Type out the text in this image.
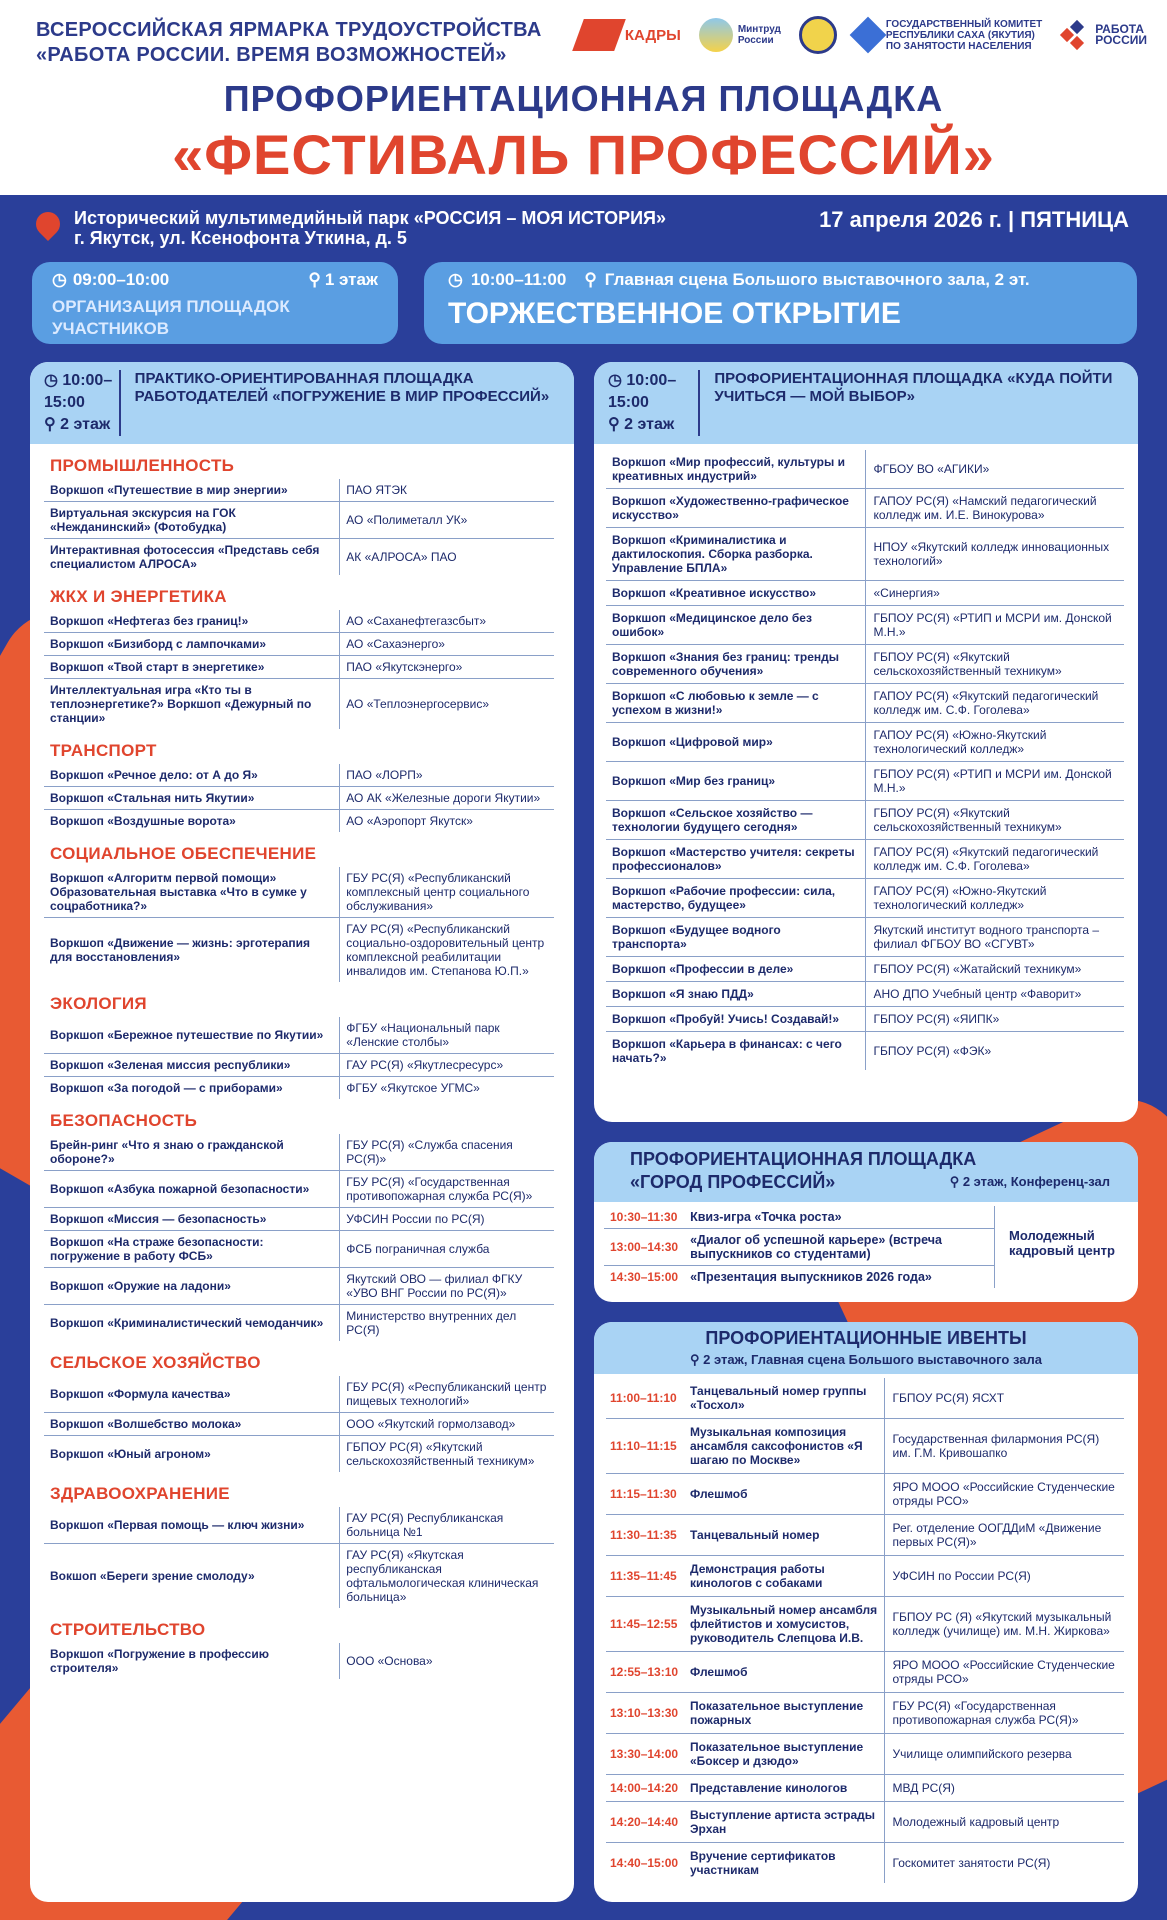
ВСЕРОССИЙСКАЯ ЯРМАРКА ТРУДОУСТРОЙСТВА
«РАБОТА РОССИИ. ВРЕМЯ ВОЗМОЖНОСТЕЙ»
КАДРЫ	Минтруд
России
ГОСУДАРСТВЕННЫЙ КОМИТЕТ
РЕСПУБЛИКИ САХА (ЯКУТИЯ)
ПО ЗАНЯТОСТИ НАСЕЛЕНИЯ
РАБОТА
РОССИИ
ПРОФОРИЕНТАЦИОННАЯ ПЛОЩАДКА
«ФЕСТИВАЛЬ ПРОФЕССИЙ»
Исторический мультимедийный парк «РОССИЯ – МОЯ ИСТОРИЯ»
г. Якутск, ул. Ксенофонта Уткина, д. 5
17 апреля 2026 г. | ПЯТНИЦА
◷ 09:00–10:00	⚲ 1 этаж
ОРГАНИЗАЦИЯ ПЛОЩАДОК УЧАСТНИКОВ
◷ 10:00–11:00 ⚲ Главная сцена Большого выставочного зала, 2 эт.
ТОРЖЕСТВЕННОЕ ОТКРЫТИЕ
◷ 10:00–15:00
⚲ 2 этаж
ПРАКТИКО-ОРИЕНТИРОВАННАЯ ПЛОЩАДКА РАБОТОДАТЕЛЕЙ «ПОГРУЖЕНИЕ В МИР ПРОФЕССИЙ»
ПРОМЫШЛЕННОСТЬ
Воркшоп «Путешествие в мир энергии»	ПАО ЯТЭК
Виртуальная экскурсия на ГОК «Нежданинский» (Фотобудка)	АО «Полиметалл УК»
Интерактивная фотосессия «Представь себя специалистом АЛРОСА»	АК «АЛРОСА» ПАО
ЖКХ И ЭНЕРГЕТИКА
Воркшоп «Нефтегаз без границ!»	АО «Саханефтегазсбыт»
Воркшоп «Бизиборд с лампочками»	АО «Сахаэнерго»
Воркшоп «Твой старт в энергетике»	ПАО «Якутскэнерго»
Интеллектуальная игра «Кто ты в теплоэнергетике?» Воркшоп «Дежурный по станции»	АО «Теплоэнергосервис»
ТРАНСПОРТ
Воркшоп «Речное дело: от А до Я»	ПАО «ЛОРП»
Воркшоп «Стальная нить Якутии»	АО АК «Железные дороги Якутии»
Воркшоп «Воздушные ворота»	АО «Аэропорт Якутск»
СОЦИАЛЬНОЕ ОБЕСПЕЧЕНИЕ
Воркшоп «Алгоритм первой помощи» Образовательная выставка «Что в сумке у соцработника?»	ГБУ РС(Я) «Республиканский комплексный центр социального обслуживания»
Воркшоп «Движение — жизнь: эрготерапия для восстановления»	ГАУ РС(Я) «Республиканский социально-оздоровительный центр комплексной реабилитации инвалидов им. Степанова Ю.П.»
ЭКОЛОГИЯ
Воркшоп «Бережное путешествие по Якутии»	ФГБУ «Национальный парк «Ленские столбы»
Воркшоп «Зеленая миссия республики»	ГАУ РС(Я) «Якутлесресурс»
Воркшоп «За погодой — с приборами»	ФГБУ «Якутское УГМС»
БЕЗОПАСНОСТЬ
Брейн-ринг «Что я знаю о гражданской обороне?»	ГБУ РС(Я) «Служба спасения РС(Я)»
Воркшоп «Азбука пожарной безопасности»	ГБУ РС(Я) «Государственная противопожарная служба РС(Я)»
Воркшоп «Миссия — безопасность»	УФСИН России по РС(Я)
Воркшоп «На страже безопасности: погружение в работу ФСБ»	ФСБ пограничная служба
Воркшоп «Оружие на ладони»	Якутский ОВО — филиал ФГКУ «УВО ВНГ России по РС(Я)»
Воркшоп «Криминалистический чемоданчик»	Министерство внутренних дел РС(Я)
СЕЛЬСКОЕ ХОЗЯЙСТВО
Воркшоп «Формула качества»	ГБУ РС(Я) «Республиканский центр пищевых технологий»
Воркшоп «Волшебство молока»	ООО «Якутский гормолзавод»
Воркшоп «Юный агроном»	ГБПОУ РС(Я) «Якутский сельскохозяйственный техникум»
ЗДРАВООХРАНЕНИЕ
Воркшоп «Первая помощь — ключ жизни»	ГАУ РС(Я) Республиканская больница №1
Вокшоп «Береги зрение смолоду»	ГАУ РС(Я) «Якутская республиканская офтальмологическая клиническая больница»
СТРОИТЕЛЬСТВО
Воркшоп «Погружение в профессию строителя»	ООО «Основа»
◷ 10:00–15:00
⚲ 2 этаж
ПРОФОРИЕНТАЦИОННАЯ ПЛОЩАДКА «КУДА ПОЙТИ УЧИТЬСЯ — МОЙ ВЫБОР»
Воркшоп «Мир профессий, культуры и креативных индустрий»	ФГБОУ ВО «АГИКИ»
Воркшоп «Художественно-графическое искусство»	ГАПОУ РС(Я) «Намский педагогический колледж им. И.Е. Винокурова»
Воркшоп «Криминалистика и дактилоскопия. Сборка разборка. Управление БПЛА»	НПОУ «Якутский колледж инновационных технологий»
Воркшоп «Креативное искусство»	«Синергия»
Воркшоп «Медицинское дело без ошибок»	ГБПОУ РС(Я) «РТИП и МСРИ им. Донской М.Н.»
Воркшоп «Знания без границ: тренды современного обучения»	ГБПОУ РС(Я) «Якутский сельскохозяйственный техникум»
Воркшоп «С любовью к земле — с успехом в жизни!»	ГАПОУ РС(Я) «Якутский педагогический колледж им. С.Ф. Гоголева»
Воркшоп «Цифровой мир»	ГАПОУ РС(Я) «Южно-Якутский технологический колледж»
Воркшоп «Мир без границ»	ГБПОУ РС(Я) «РТИП и МСРИ им. Донской М.Н.»
Воркшоп «Сельское хозяйство — технологии будущего сегодня»	ГБПОУ РС(Я) «Якутский сельскохозяйственный техникум»
Воркшоп «Мастерство учителя: секреты профессионалов»	ГАПОУ РС(Я) «Якутский педагогический колледж им. С.Ф. Гоголева»
Воркшоп «Рабочие профессии: сила, мастерство, будущее»	ГАПОУ РС(Я) «Южно-Якутский технологический колледж»
Воркшоп «Будущее водного транспорта»	Якутский институт водного транспорта – филиал ФГБОУ ВО «СГУВТ»
Воркшоп «Профессии в деле»	ГБПОУ РС(Я) «Жатайский техникум»
Воркшоп «Я знаю ПДД»	АНО ДПО Учебный центр «Фаворит»
Воркшоп «Пробуй! Учись! Создавай!»	ГБПОУ РС(Я) «ЯИПК»
Воркшоп «Карьера в финансах: с чего начать?»	ГБПОУ РС(Я) «ФЭК»
ПРОФОРИЕНТАЦИОННАЯ ПЛОЩАДКА
«ГОРОД ПРОФЕССИЙ»	⚲ 2 этаж, Конференц-зал
10:30–11:30	Квиз-игра «Точка роста»
13:00–14:30	«Диалог об успешной карьере» (встреча выпускников со студентами)
14:30–15:00	«Презентация выпускников 2026 года»
Молодежный кадровый центр
ПРОФОРИЕНТАЦИОННЫЕ ИВЕНТЫ
⚲ 2 этаж, Главная сцена Большого выставочного зала
11:00–11:10	Танцевальный номер группы «Тосхол»	ГБПОУ РС(Я) ЯСХТ
11:10–11:15	Музыкальная композиция ансамбля саксофонистов «Я шагаю по Москве»	Государственная филармония РС(Я) им. Г.М. Кривошапко
11:15–11:30	Флешмоб	ЯРО МООО «Российские Студенческие отряды РСО»
11:30–11:35	Танцевальный номер	Рег. отделение ООГДДиМ «Движение первых РС(Я)»
11:35–11:45	Демонстрация работы кинологов с собаками	УФСИН по России РС(Я)
11:45–12:55	Музыкальный номер ансамбля флейтистов и хомусистов, руководитель Слепцова И.В.	ГБПОУ РС (Я) «Якутский музыкальный колледж (училище) им. М.Н. Жиркова»
12:55–13:10	Флешмоб	ЯРО МООО «Российские Студенческие отряды РСО»
13:10–13:30	Показательное выступление пожарных	ГБУ РС(Я) «Государственная противопожарная служба РС(Я)»
13:30–14:00	Показательное выступление «Боксер и дзюдо»	Училище олимпийского резерва
14:00–14:20	Представление кинологов	МВД РС(Я)
14:20–14:40	Выступление артиста эстрады Эрхан	Молодежный кадровый центр
14:40–15:00	Вручение сертификатов участникам	Госкомитет занятости РС(Я)
